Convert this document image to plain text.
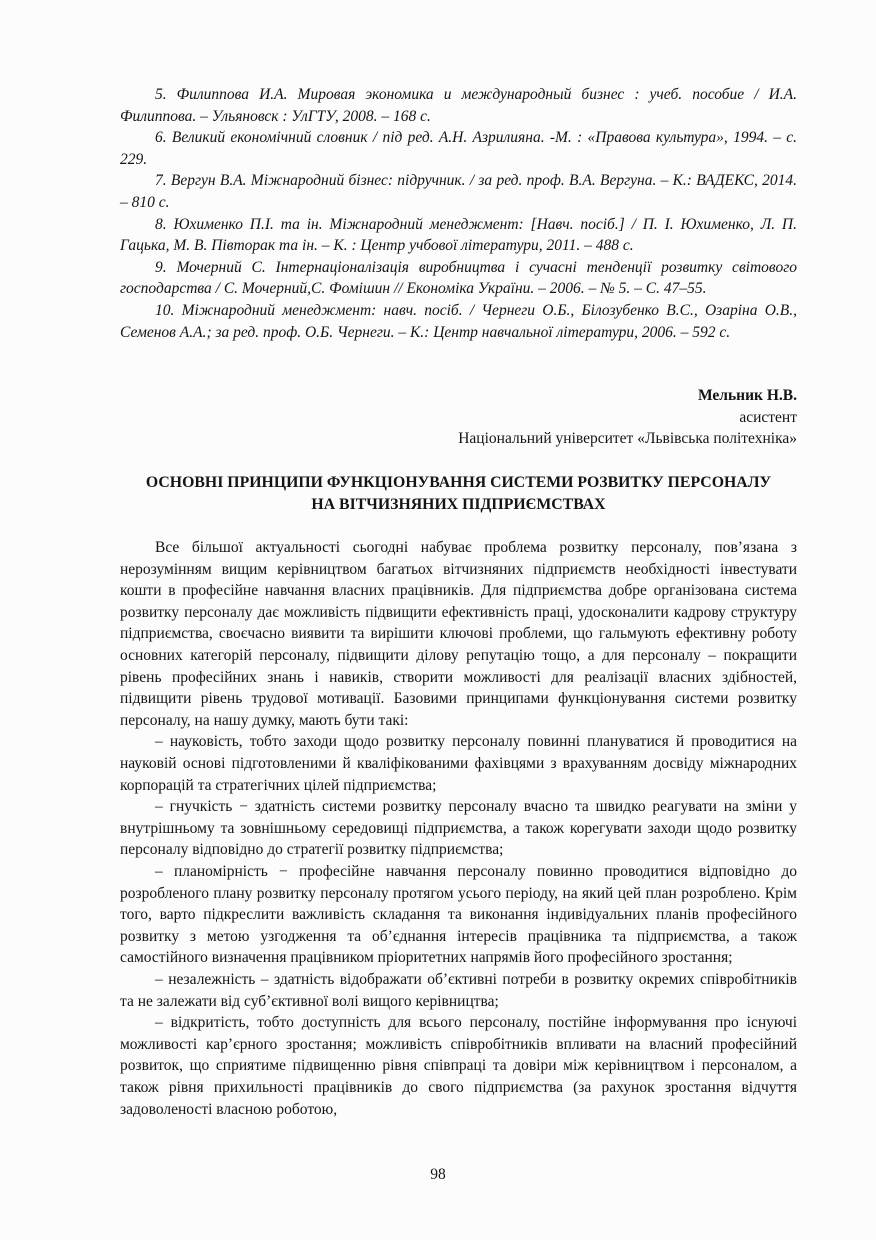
5. Филиппова И.А. Мировая экономика и международный бизнес : учеб. пособие / И.А. Филиппова. – Ульяновск : УлГТУ, 2008. – 168 с.

6. Великий економічний словник / під ред. А.Н. Азрилияна. -М. : «Правова культура», 1994. – с. 229.

7. Вергун В.А. Міжнародний бізнес: підручник. / за ред. проф. В.А. Вергуна. – К.: ВАДЕКС, 2014. – 810 с.

8. Юхименко П.І. та ін. Міжнародний менеджмент: [Навч. посіб.] / П. І. Юхименко, Л. П. Гацька, М. В. Півторак та ін. – К. : Центр учбової літератури, 2011. – 488 с.

9. Мочерний С. Інтернаціоналізація виробництва і сучасні тенденції розвитку світового господарства / С. Мочерний,С. Фомішин // Економіка України. – 2006. – № 5. – С. 47–55.

10. Міжнародний менеджмент: навч. посіб. / Чернеги О.Б., Білозубенко В.С., Озаріна О.В., Семенов А.А.; за ред. проф. О.Б. Чернеги. – К.: Центр навчальної літератури, 2006. – 592 с.

Мельник Н.В.
асистент
Національний університет «Львівська політехніка»
ОСНОВНІ ПРИНЦИПИ ФУНКЦІОНУВАННЯ СИСТЕМИ РОЗВИТКУ ПЕРСОНАЛУ НА ВІТЧИЗНЯНИХ ПІДПРИЄМСТВАХ

Все більшої актуальності сьогодні набуває проблема розвитку персоналу, пов’язана з нерозумінням вищим керівництвом багатьох вітчизняних підприємств необхідності інвестувати кошти в професійне навчання власних працівників. Для підприємства добре організована система розвитку персоналу дає можливість підвищити ефективність праці, удосконалити кадрову структуру підприємства, своєчасно виявити та вирішити ключові проблеми, що гальмують ефективну роботу основних категорій персоналу, підвищити ділову репутацію тощо, а для персоналу – покращити рівень професійних знань і навиків, створити можливості для реалізації власних здібностей, підвищити рівень трудової мотивації. Базовими принципами функціонування системи розвитку персоналу, на нашу думку, мають бути такі:

– науковість, тобто заходи щодо розвитку персоналу повинні плануватися й проводитися на науковій основі підготовленими й кваліфікованими фахівцями з врахуванням досвіду міжнародних корпорацій та стратегічних цілей підприємства;

– гнучкість − здатність системи розвитку персоналу вчасно та швидко реагувати на зміни у внутрішньому та зовнішньому середовищі підприємства, а також корегувати заходи щодо розвитку персоналу відповідно до стратегії розвитку підприємства;

– планомірність − професійне навчання персоналу повинно проводитися відповідно до розробленого плану розвитку персоналу протягом усього періоду, на який цей план розроблено. Крім того, варто підкреслити важливість складання та виконання індивідуальних планів професійного розвитку з метою узгодження та об’єднання інтересів працівника та підприємства, а також самостійного визначення працівником пріоритетних напрямів його професійного зростання;

– незалежність – здатність відображати об’єктивні потреби в розвитку окремих співробітників та не залежати від суб’єктивної волі вищого керівництва;

– відкритість, тобто доступність для всього персоналу, постійне інформування про існуючі можливості кар’єрного зростання; можливість співробітників впливати на власний професійний розвиток, що сприятиме підвищенню рівня співпраці та довіри між керівництвом і персоналом, а також рівня прихильності працівників до свого підприємства (за рахунок зростання відчуття задоволеності власною роботою,

98
